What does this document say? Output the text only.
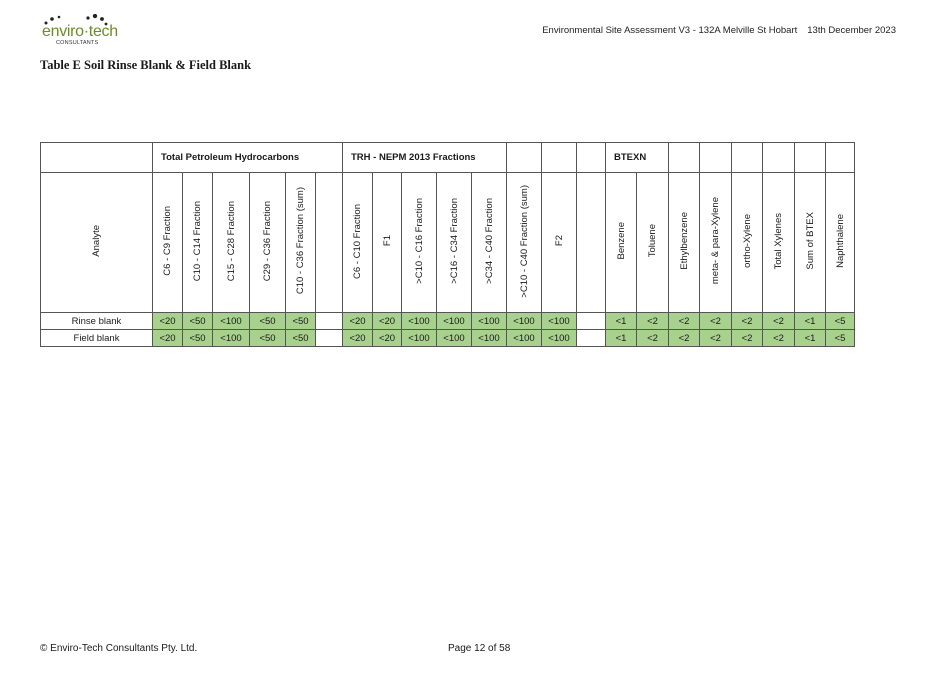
enviro·tech
CONSULTANTS
Environmental Site Assessment V3 - 132A Melville St Hobart 13th December 2023
Table E Soil Rinse Blank & Field Blank
	Total Petroleum Hydrocarbons						TRH - NEPM 2013 Fractions								BTEXN							
Analyte	C6 - C9 Fraction	C10 - C14 Fraction	C15 - C28 Fraction	C29 - C36 Fraction	C10 - C36 Fraction (sum)		C6 - C10 Fraction	F1	>C10 - C16 Fraction	>C16 - C34 Fraction	>C34 - C40 Fraction	>C10 - C40 Fraction (sum)	F2		Benzene	Toluene	Ethylbenzene	meta- & para-Xylene	ortho-Xylene	Total Xylenes	Sum of BTEX	Naphthalene
Rinse blank	<20	<50	<100	<50	<50		<20	<20	<100	<100	<100	<100	<100		<1	<2	<2	<2	<2	<2	<1	<5
Field blank	<20	<50	<100	<50	<50		<20	<20	<100	<100	<100	<100	<100		<1	<2	<2	<2	<2	<2	<1	<5
© Enviro-Tech Consultants Pty. Ltd.	Page 12 of 58
